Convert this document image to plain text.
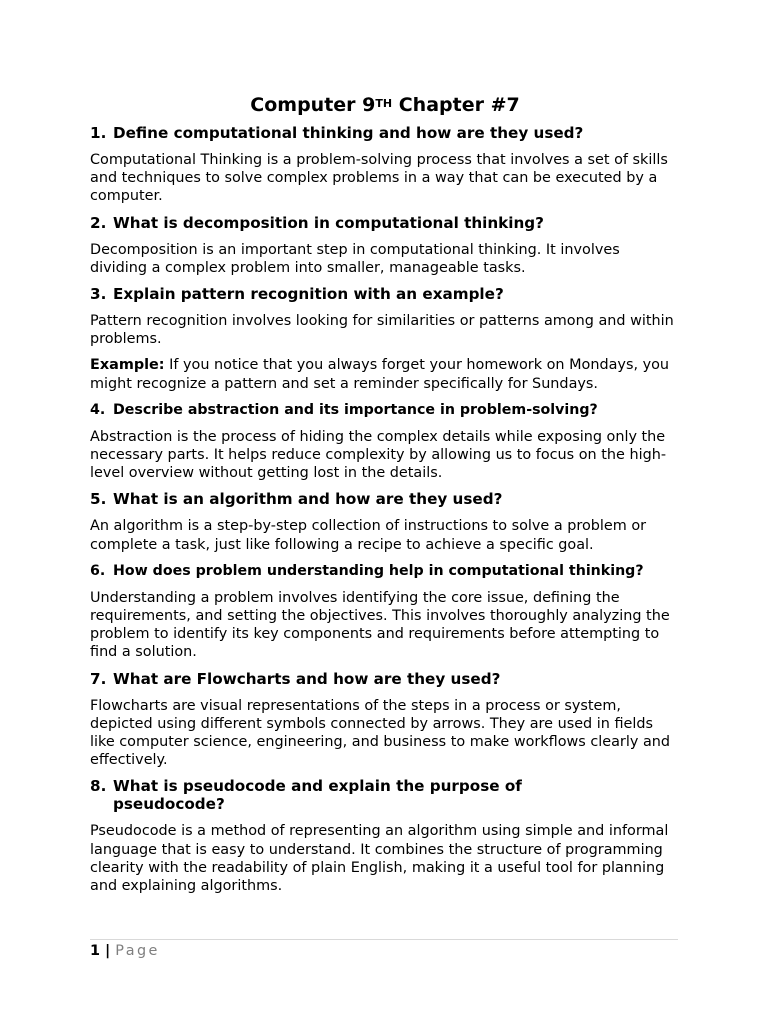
Computer 9TH Chapter #7
1. Define computational thinking and how are they used?

Computational Thinking is a problem-solving process that involves a set of skills and techniques to solve complex problems in a way that can be executed by a computer.

2. What is decomposition in computational thinking?

Decomposition is an important step in computational thinking. It involves dividing a complex problem into smaller, manageable tasks.

3. Explain pattern recognition with an example?

Pattern recognition involves looking for similarities or patterns among and within problems.

Example: If you notice that you always forget your homework on Mondays, you might recognize a pattern and set a reminder specifically for Sundays.

4. Describe abstraction and its importance in problem-solving?

Abstraction is the process of hiding the complex details while exposing only the necessary parts. It helps reduce complexity by allowing us to focus on the high-level overview without getting lost in the details.

5. What is an algorithm and how are they used?

An algorithm is a step-by-step collection of instructions to solve a problem or complete a task, just like following a recipe to achieve a specific goal.

6. How does problem understanding help in computational thinking?

Understanding a problem involves identifying the core issue, defining the requirements, and setting the objectives. This involves thoroughly analyzing the problem to identify its key components and requirements before attempting to find a solution.

7. What are Flowcharts and how are they used?

Flowcharts are visual representations of the steps in a process or system, depicted using different symbols connected by arrows. They are used in fields like computer science, engineering, and business to make workflows clearly and effectively.

8. What is pseudocode and explain the purpose of pseudocode?

Pseudocode is a method of representing an algorithm using simple and informal language that is easy to understand. It combines the structure of programming clearity with the readability of plain English, making it a useful tool for planning and explaining algorithms.

1 | Page
